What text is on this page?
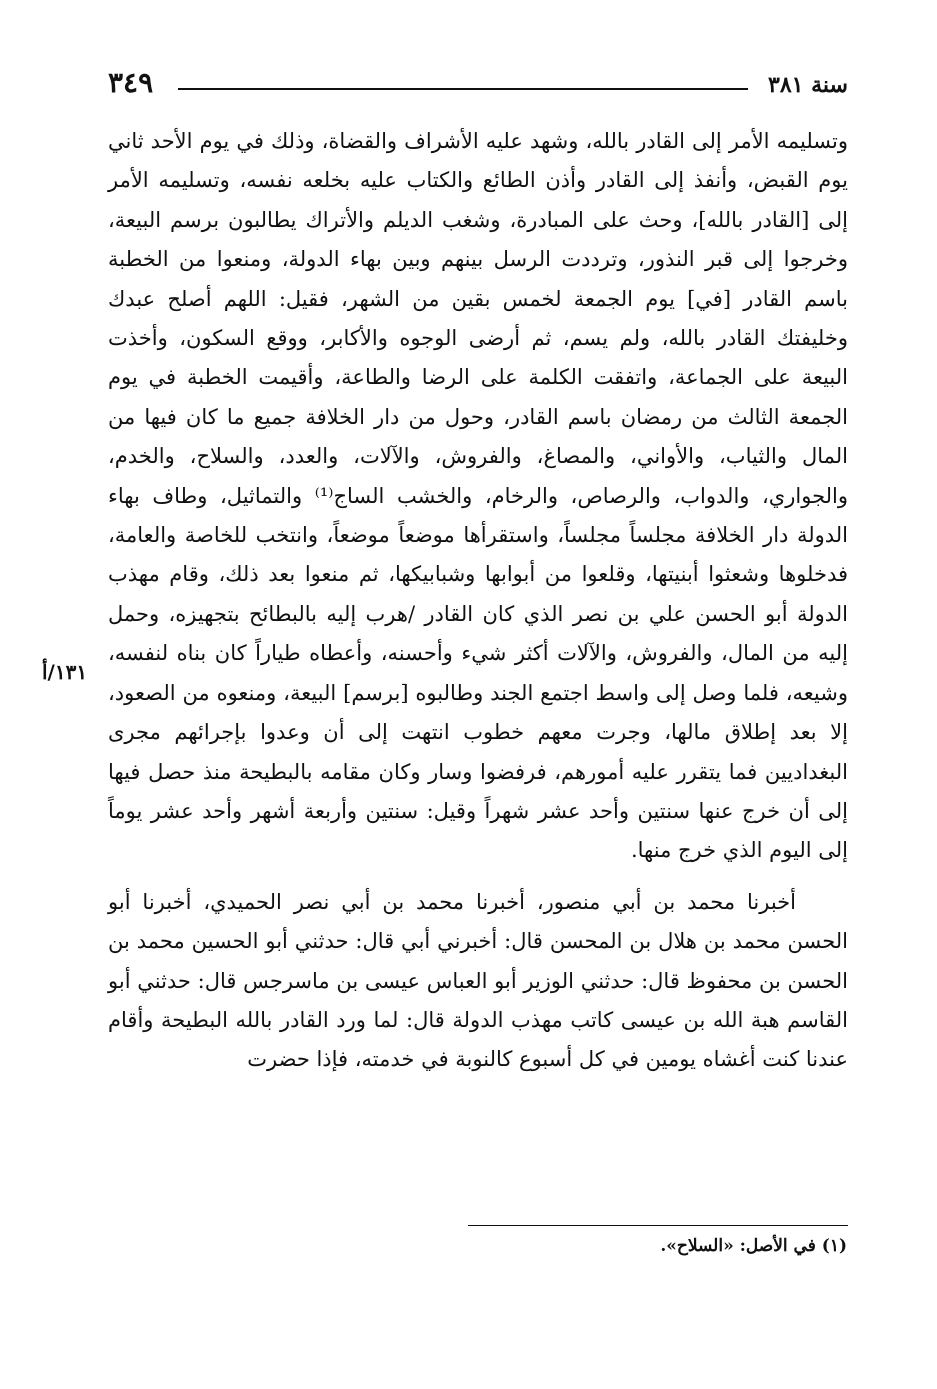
سنة ٣٨١
٣٤٩
١٣١/أ

وتسليمه الأمر إلى القادر بالله، وشهد عليه الأشراف والقضاة، وذلك في يوم الأحد ثاني يوم القبض، وأنفذ إلى القادر وأذن الطائع والكتاب عليه بخلعه نفسه، وتسليمه الأمر إلى [القادر بالله]، وحث على المبادرة، وشغب الديلم والأتراك يطالبون برسم البيعة، وخرجوا إلى قبر النذور، وترددت الرسل بينهم وبين بهاء الدولة، ومنعوا من الخطبة باسم القادر [في] يوم الجمعة لخمس بقين من الشهر، فقيل: اللهم أصلح عبدك وخليفتك القادر بالله، ولم يسم، ثم أرضى الوجوه والأكابر، ووقع السكون، وأخذت البيعة على الجماعة، واتفقت الكلمة على الرضا والطاعة، وأقيمت الخطبة في يوم الجمعة الثالث من رمضان باسم القادر، وحول من دار الخلافة جميع ما كان فيها من المال والثياب، والأواني، والمصاغ، والفروش، والآلات، والعدد، والسلاح، والخدم، والجواري، والدواب، والرصاص، والرخام، والخشب الساج⁽¹⁾ والتماثيل، وطاف بهاء الدولة دار الخلافة مجلساً مجلساً، واستقرأها موضعاً موضعاً، وانتخب للخاصة والعامة، فدخلوها وشعثوا أبنيتها، وقلعوا من أبوابها وشبابيكها، ثم منعوا بعد ذلك، وقام مهذب الدولة أبو الحسن علي بن نصر الذي كان القادر /هرب إليه بالبطائح بتجهيزه، وحمل إليه من المال، والفروش، والآلات أكثر شيء وأحسنه، وأعطاه طياراً كان بناه لنفسه، وشيعه، فلما وصل إلى واسط اجتمع الجند وطالبوه [برسم] البيعة، ومنعوه من الصعود، إلا بعد إطلاق مالها، وجرت معهم خطوب انتهت إلى أن وعدوا بإجرائهم مجرى البغداديين فما يتقرر عليه أمورهم، فرفضوا وسار وكان مقامه بالبطيحة منذ حصل فيها إلى أن خرج عنها سنتين وأحد عشر شهراً وقيل: سنتين وأربعة أشهر وأحد عشر يوماً إلى اليوم الذي خرج منها.

أخبرنا محمد بن أبي منصور، أخبرنا محمد بن أبي نصر الحميدي، أخبرنا أبو الحسن محمد بن هلال بن المحسن قال: أخبرني أبي قال: حدثني أبو الحسين محمد بن الحسن بن محفوظ قال: حدثني الوزير أبو العباس عيسى بن ماسرجس قال: حدثني أبو القاسم هبة الله بن عيسى كاتب مهذب الدولة قال: لما ورد القادر بالله البطيحة وأقام عندنا كنت أغشاه يومين في كل أسبوع كالنوبة في خدمته، فإذا حضرت

(١) في الأصل: «السلاح».
